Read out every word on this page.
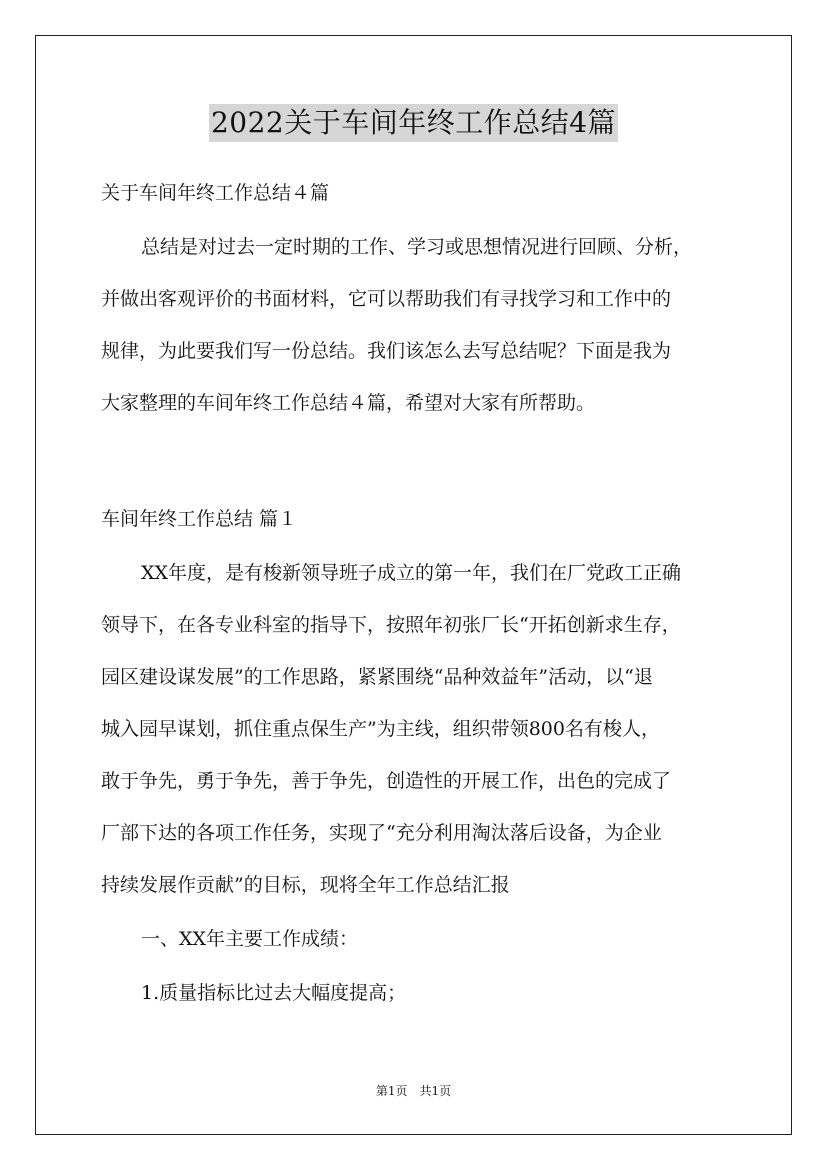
2022关于车间年终工作总结4篇
关于车间年终工作总结４篇
总结是对过去一定时期的工作、学习或思想情况进行回顾、分析，
并做出客观评价的书面材料，它可以帮助我们有寻找学习和工作中的
规律，为此要我们写一份总结。我们该怎么去写总结呢？下面是我为
大家整理的车间年终工作总结４篇，希望对大家有所帮助。
车间年终工作总结 篇１
XX年度，是有梭新领导班子成立的第一年，我们在厂党政工正确
领导下，在各专业科室的指导下，按照年初张厂长“开拓创新求生存，
园区建设谋发展”的工作思路，紧紧围绕“品种效益年”活动，以“退
城入园早谋划，抓住重点保生产”为主线，组织带领800名有梭人，
敢于争先，勇于争先，善于争先，创造性的开展工作，出色的完成了
厂部下达的各项工作任务，实现了“充分利用淘汰落后设备，为企业
持续发展作贡献”的目标，现将全年工作总结汇报
一、XX年主要工作成绩：
1.质量指标比过去大幅度提高；
第1页　共1页
